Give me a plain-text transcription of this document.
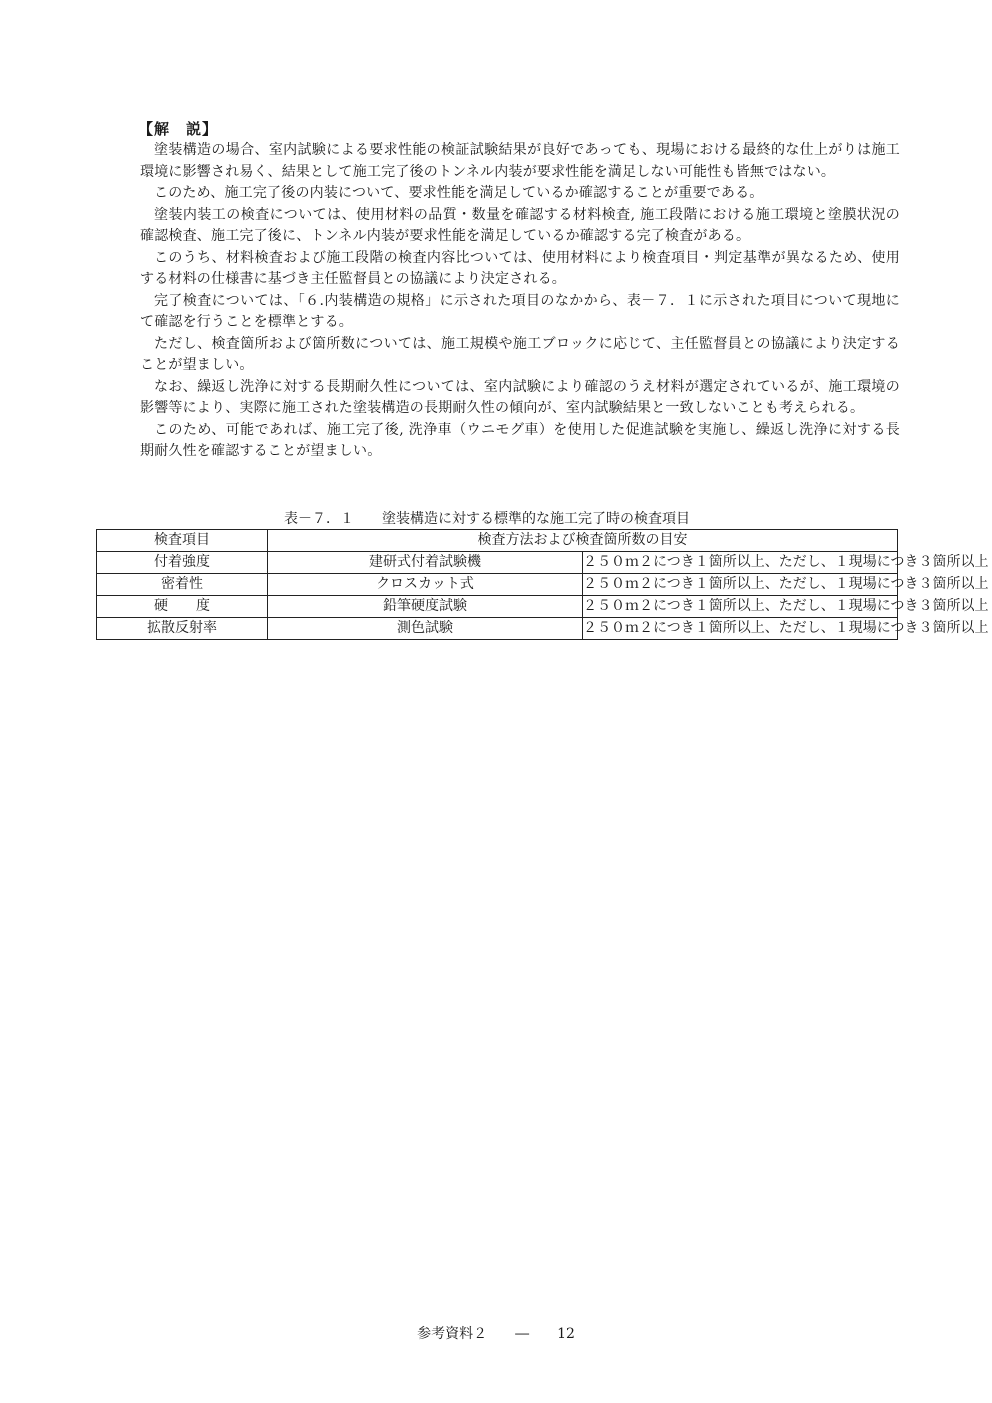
【解　説】

塗装構造の場合、室内試験による要求性能の検証試験結果が良好であっても、現場における最終的な仕上がりは施工環境に影響され易く、結果として施工完了後のトンネル内装が要求性能を満足しない可能性も皆無ではない。

このため、施工完了後の内装について、要求性能を満足しているか確認することが重要である。

塗装内装工の検査については、使用材料の品質・数量を確認する材料検査, 施工段階における施工環境と塗膜状況の確認検査、施工完了後に、トンネル内装が要求性能を満足しているか確認する完了検査がある。

このうち、材料検査および施工段階の検査内容比ついては、使用材料により検査項目・判定基準が異なるため、使用する材料の仕様書に基づき主任監督員との協議により決定される。

完了検査については、「６.内装構造の規格」に示された項目のなかから、表－７．１に示された項目について現地にて確認を行うことを標準とする。

ただし、検査箇所および箇所数については、施工規模や施工ブロックに応じて、主任監督員との協議により決定することが望ましい。

なお、繰返し洗浄に対する長期耐久性については、室内試験により確認のうえ材料が選定されているが、施工環境の影響等により、実際に施工された塗装構造の長期耐久性の傾向が、室内試験結果と一致しないことも考えられる。

このため、可能であれば、施工完了後, 洗浄車（ウニモグ車）を使用した促進試験を実施し、繰返し洗浄に対する長期耐久性を確認することが望ましい。

表－７．１　　塗装構造に対する標準的な施工完了時の検査項目
検査項目	検査方法および検査箇所数の目安	
付着強度	建研式付着試験機	２５０ｍ２につき１箇所以上、ただし、１現場につき３箇所以上
密着性	クロスカット式	２５０ｍ２につき１箇所以上、ただし、１現場につき３箇所以上
硬　　度	鉛筆硬度試験	２５０ｍ２につき１箇所以上、ただし、１現場につき３箇所以上
拡散反射率	測色試験	２５０ｍ２につき１箇所以上、ただし、１現場につき３箇所以上
参考資料２　　―　　12
